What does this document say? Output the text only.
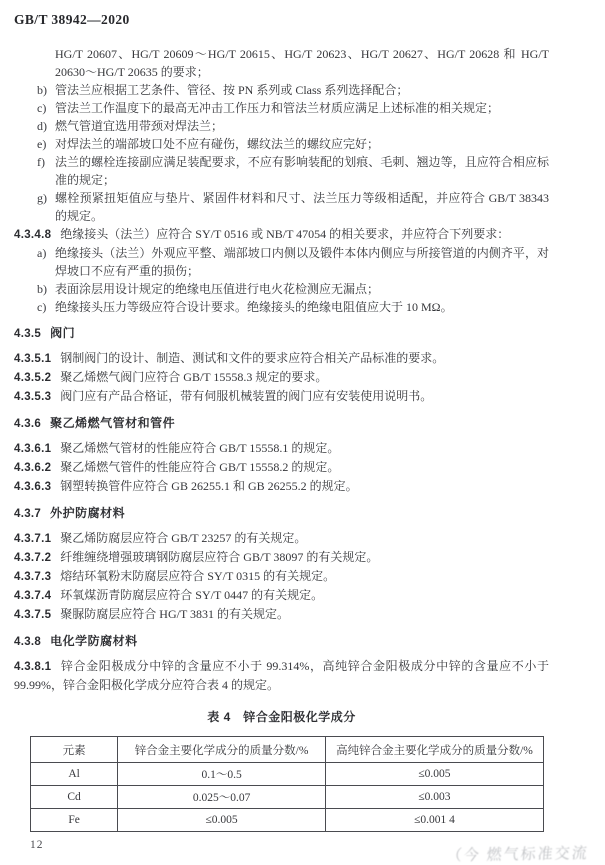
GB/T 38942—2020
HG/T 20607、HG/T 20609～HG/T 20615、HG/T 20623、HG/T 20627、HG/T 20628 和 HG/T 20630～HG/T 20635 的要求；
b) 管法兰应根据工艺条件、管径、按 PN 系列或 Class 系列选择配合；
c) 管法兰工作温度下的最高无冲击工作压力和管法兰材质应满足上述标准的相关规定；
d) 燃气管道宜选用带颈对焊法兰；
e) 对焊法兰的端部坡口处不应有碰伤，螺纹法兰的螺纹应完好；
f) 法兰的螺栓连接副应满足装配要求，不应有影响装配的划痕、毛刺、翘边等，且应符合相应标准的规定；
g) 螺栓预紧扭矩值应与垫片、紧固件材料和尺寸、法兰压力等级相适配，并应符合 GB/T 38343 的规定。

4.3.4.8 绝缘接头（法兰）应符合 SY/T 0516 或 NB/T 47054 的相关要求，并应符合下列要求：

a) 绝缘接头（法兰）外观应平整、端部坡口内侧以及锻件本体内侧应与所接管道的内侧齐平，对焊坡口不应有严重的损伤；
b) 表面涂层用设计规定的绝缘电压值进行电火花检测应无漏点；
c) 绝缘接头压力等级应符合设计要求。绝缘接头的绝缘电阻值应大于 10 MΩ。

4.3.5 阀门

4.3.5.1 钢制阀门的设计、制造、测试和文件的要求应符合相关产品标准的要求。

4.3.5.2 聚乙烯燃气阀门应符合 GB/T 15558.3 规定的要求。

4.3.5.3 阀门应有产品合格证，带有伺服机械装置的阀门应有安装使用说明书。

4.3.6 聚乙烯燃气管材和管件

4.3.6.1 聚乙烯燃气管材的性能应符合 GB/T 15558.1 的规定。

4.3.6.2 聚乙烯燃气管件的性能应符合 GB/T 15558.2 的规定。

4.3.6.3 钢塑转换管件应符合 GB 26255.1 和 GB 26255.2 的规定。

4.3.7 外护防腐材料

4.3.7.1 聚乙烯防腐层应符合 GB/T 23257 的有关规定。

4.3.7.2 纤维缠绕增强玻璃钢防腐层应符合 GB/T 38097 的有关规定。

4.3.7.3 熔结环氧粉末防腐层应符合 SY/T 0315 的有关规定。

4.3.7.4 环氧煤沥青防腐层应符合 SY/T 0447 的有关规定。

4.3.7.5 聚脲防腐层应符合 HG/T 3831 的有关规定。

4.3.8 电化学防腐材料

4.3.8.1 锌合金阳极成分中锌的含量应不小于 99.314%，高纯锌合金阳极成分中锌的含量应不小于 99.99%，锌合金阳极化学成分应符合表 4 的规定。

表 4　锌合金阳极化学成分
元素	锌合金主要化学成分的质量分数/%	高纯锌合金主要化学成分的质量分数/%
Al	0.1～0.5	≤0.005
Cd	0.025～0.07	≤0.003
Fe	≤0.005	≤0.001 4
12
（今 燃气标准交流
